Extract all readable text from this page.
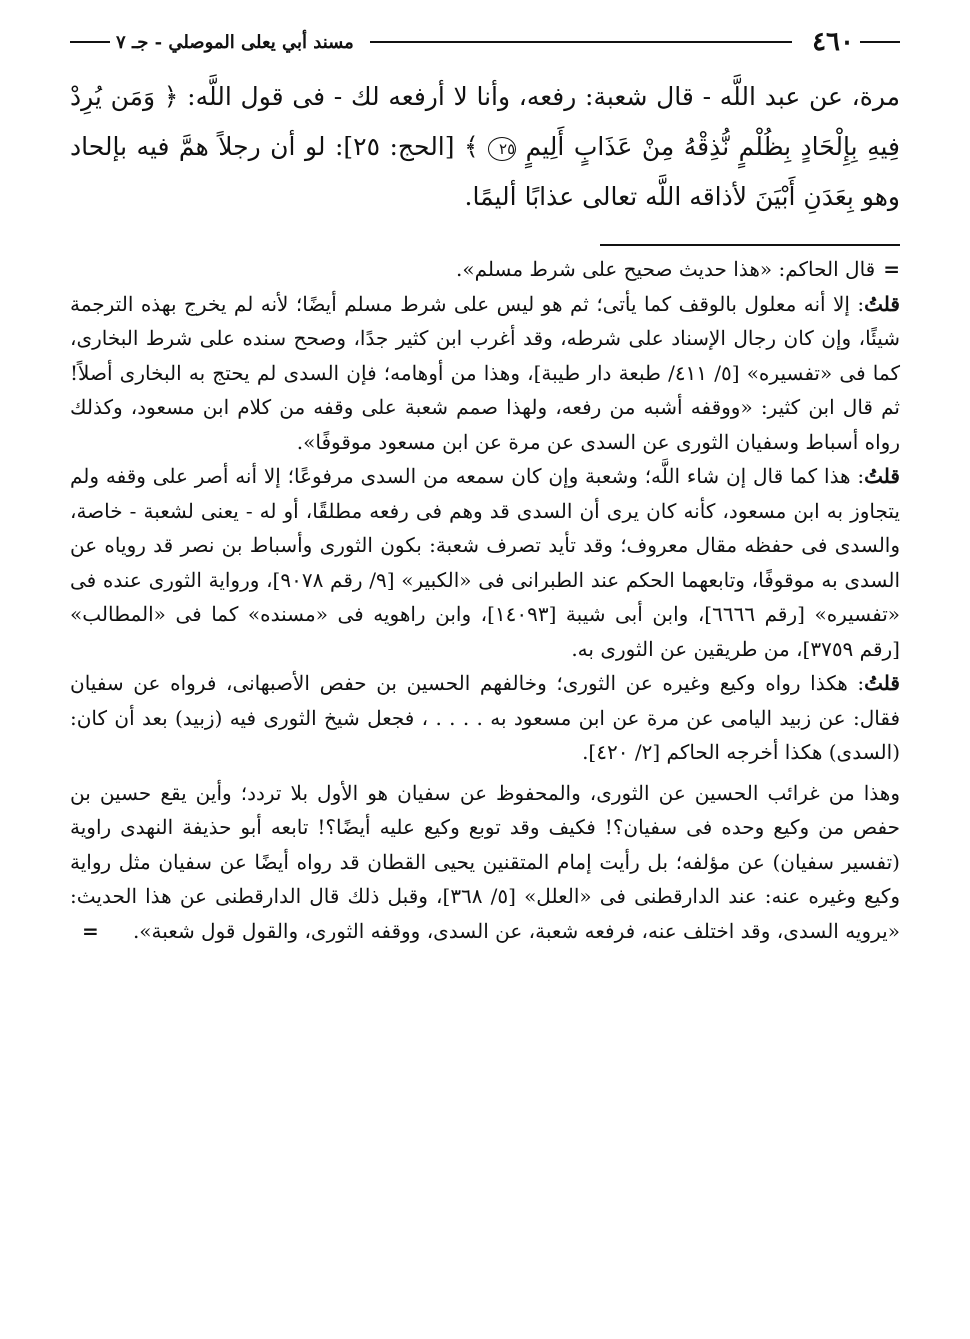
٤٦٠
مسند أبي يعلى الموصلي - جـ ٧
مرة، عن عبد اللَّه - قال شعبة: رفعه، وأنا لا أرفعه لك - فى قول اللَّه: ﴿ وَمَن يُرِدْ فِيهِ بِإِلْحَادٍ بِظُلْمٍ نُّذِقْهُ مِنْ عَذَابٍ أَلِيمٍ ٢٥ ﴾ [الحج: ٢٥]: لو أن رجلاً همَّ فيه بإلحاد وهو بِعَدَنِ أَبْيَنَ لأذاقه اللَّه تعالى عذابًا أليمًا.

=قال الحاكم: «هذا حديث صحيح على شرط مسلم».

قلتُ: إلا أنه معلول بالوقف كما يأتى؛ ثم هو ليس على شرط مسلم أيضًا؛ لأنه لم يخرج بهذه الترجمة شيئًا، وإن كان رجال الإسناد على شرطه، وقد أغرب ابن كثير جدًا، وصحح سنده على شرط البخارى، كما فى «تفسيره» [٥/ ٤١١/ طبعة دار طيبة]، وهذا من أوهامه؛ فإن السدى لم يحتج به البخارى أصلاً! ثم قال ابن كثير: «ووقفه أشبه من رفعه، ولهذا صمم شعبة على وقفه من كلام ابن مسعود، وكذلك رواه أسباط وسفيان الثورى عن السدى عن مرة عن ابن مسعود موقوفًا».

قلتُ: هذا كما قال إن شاء اللَّه؛ وشعبة وإن كان سمعه من السدى مرفوعًا؛ إلا أنه أصر على وقفه ولم يتجاوز به ابن مسعود، كأنه كان يرى أن السدى قد وهم فى رفعه مطلقًا، أو له - يعنى لشعبة - خاصة، والسدى فى حفظه مقال معروف؛ وقد تأيد تصرف شعبة: بكون الثورى وأسباط بن نصر قد روياه عن السدى به موقوفًا، وتابعهما الحكم عند الطبرانى فى «الكبير» [٩/ رقم ٩٠٧٨]، ورواية الثورى عنده فى «تفسيره» [رقم ٦٦٦٦]، وابن أبى شيبة [١٤٠٩٣]، وابن راهويه فى «مسنده» كما فى «المطالب» [رقم ٣٧٥٩]، من طريقين عن الثورى به.

قلتُ: هكذا رواه وكيع وغيره عن الثورى؛ وخالفهم الحسين بن حفص الأصبهانى، فرواه عن سفيان فقال: عن زبيد اليامى عن مرة عن ابن مسعود به . . . . ، فجعل شيخ الثورى فيه (زبيد) بعد أن كان: (السدى) هكذا أخرجه الحاكم [٢/ ٤٢٠].

وهذا من غرائب الحسين عن الثورى، والمحفوظ عن سفيان هو الأول بلا تردد؛ وأين يقع حسين بن حفص من وكيع وحده فى سفيان؟! فكيف وقد توبع وكيع عليه أيضًا؟! تابعه أبو حذيفة النهدى راوية (تفسير سفيان) عن مؤلفه؛ بل رأيت إمام المتقنين يحيى القطان قد رواه أيضًا عن سفيان مثل رواية وكيع وغيره عنه: عند الدارقطنى فى «العلل» [٥/ ٣٦٨]، وقبل ذلك قال الدارقطنى عن هذا الحديث: «يرويه السدى، وقد اختلف عنه، فرفعه شعبة، عن السدى، ووقفه الثورى، والقول قول شعبة».
=
